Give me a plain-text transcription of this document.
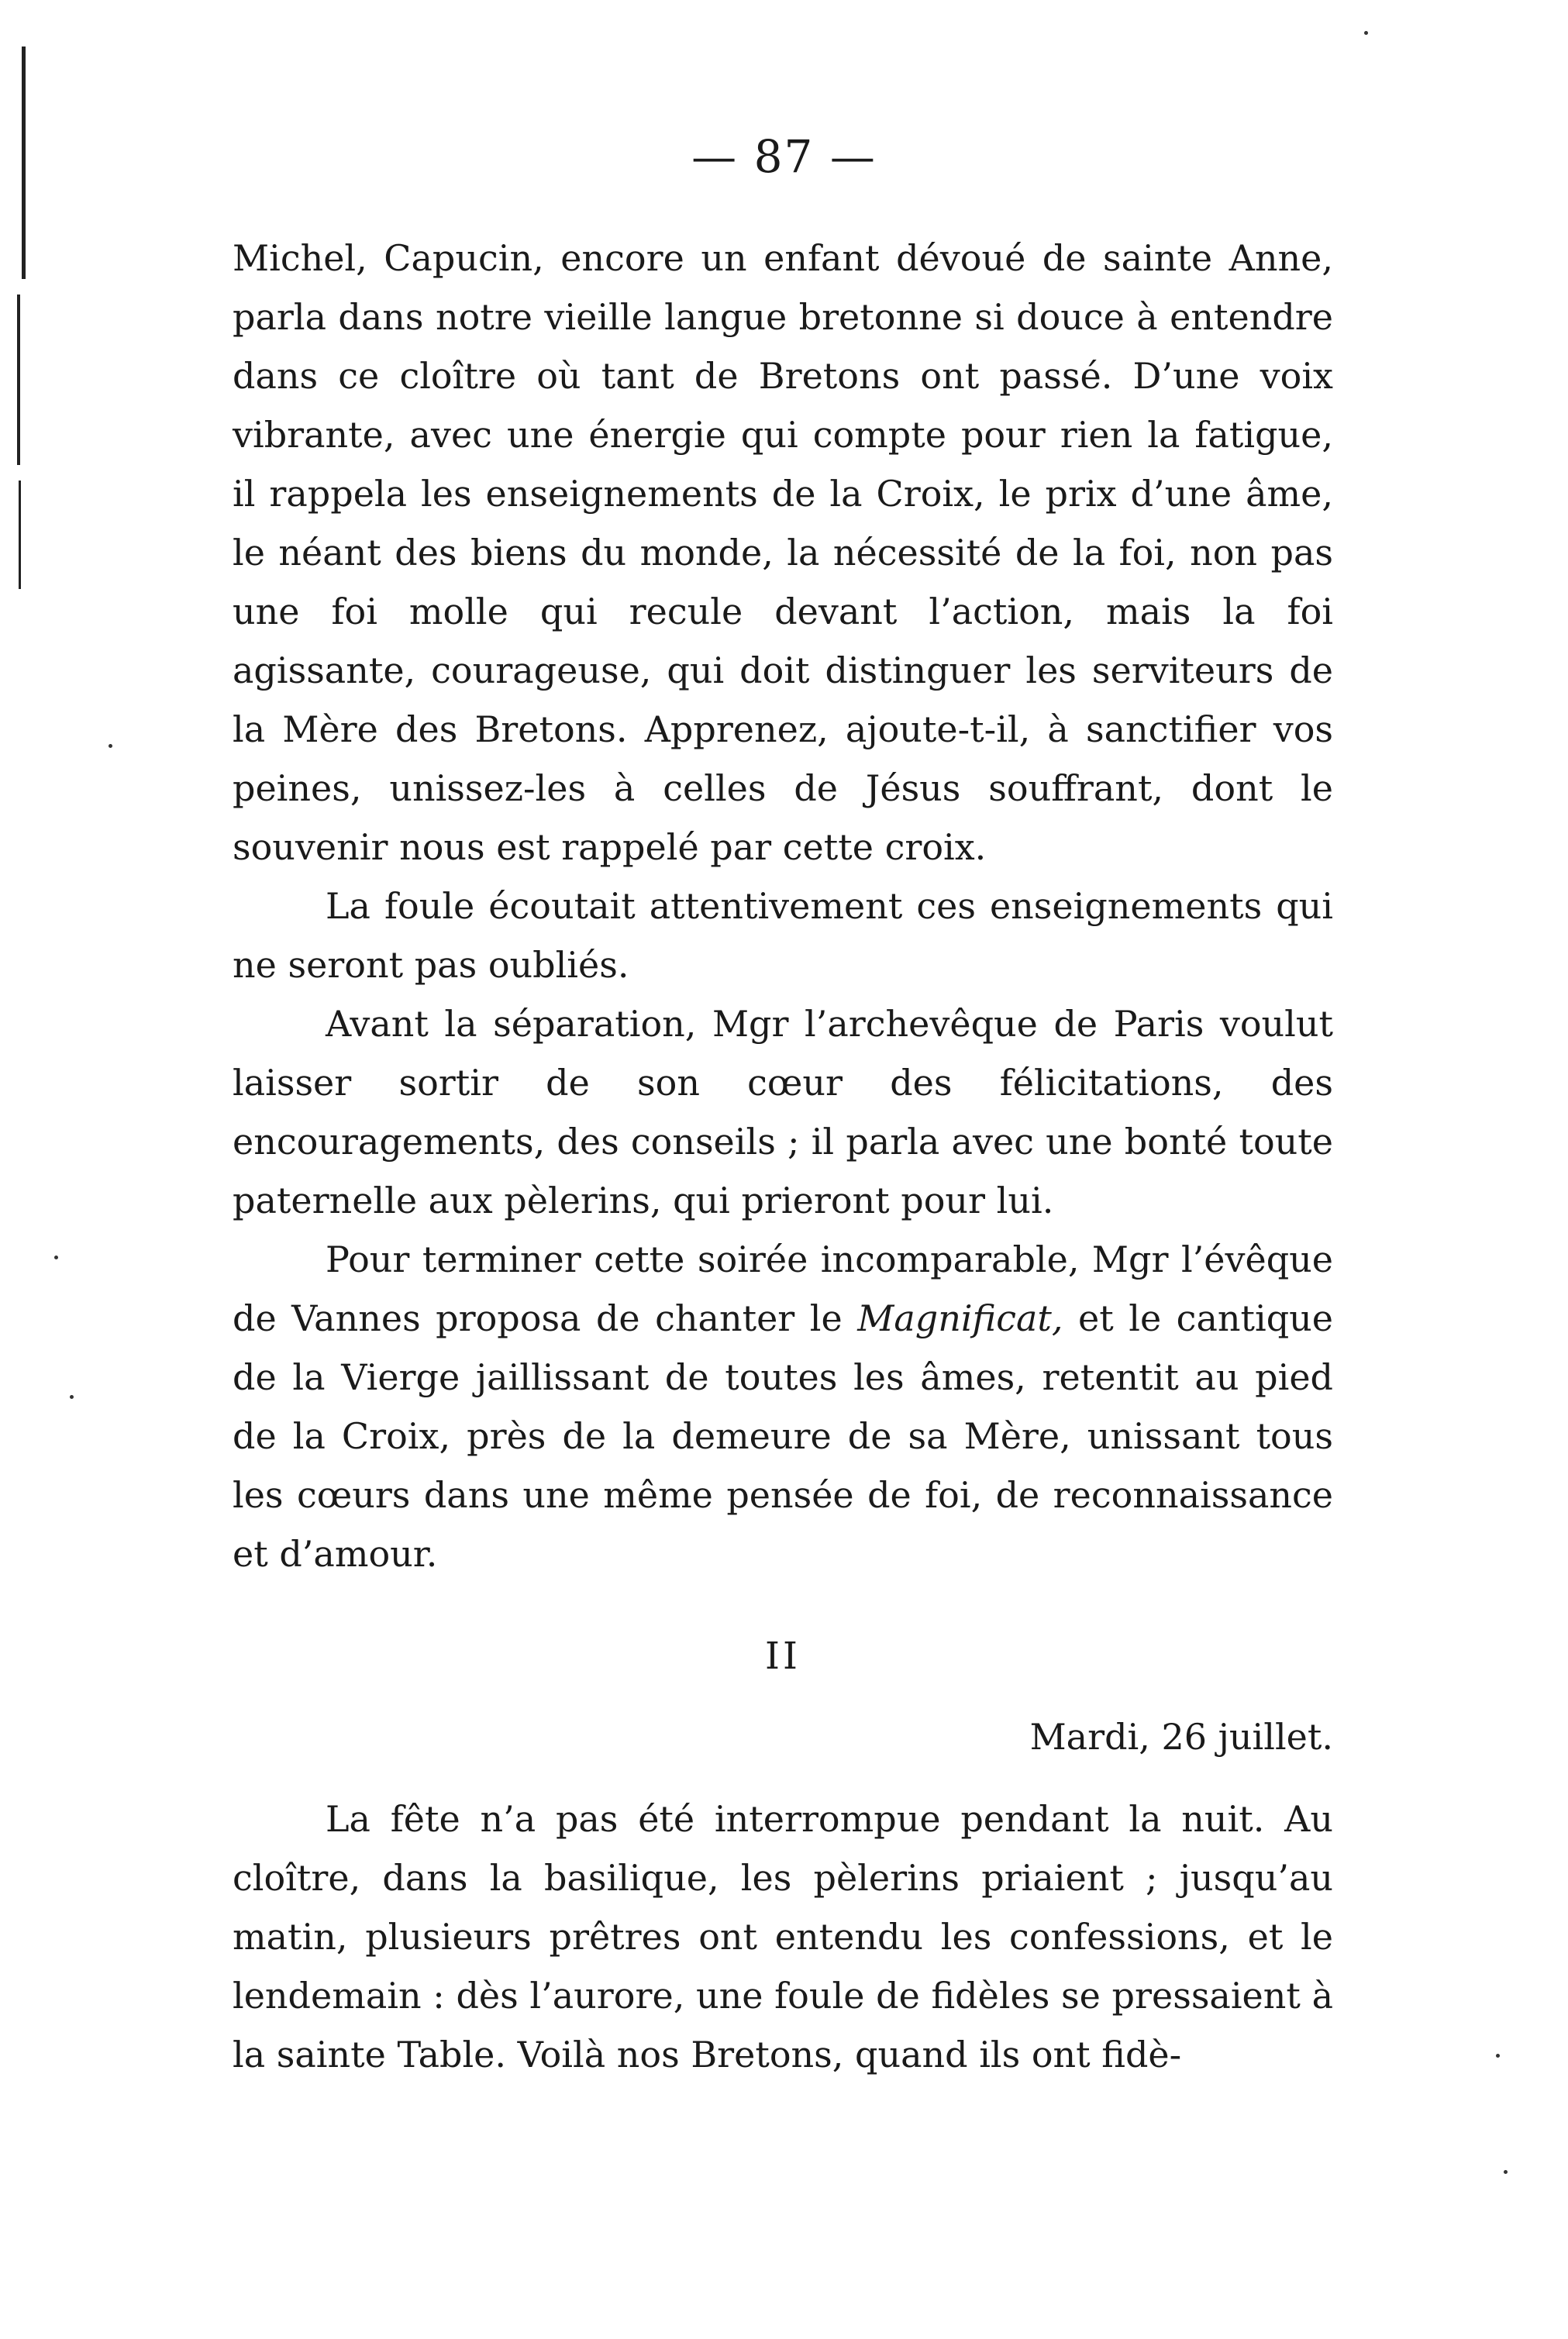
— 87 —

Michel, Capucin, encore un enfant dévoué de sainte Anne, parla dans notre vieille langue bretonne si douce à entendre dans ce cloître où tant de Bretons ont passé. D’une voix vibrante, avec une énergie qui compte pour rien la fatigue, il rappela les enseignements de la Croix, le prix d’une âme, le néant des biens du monde, la nécessité de la foi, non pas une foi molle qui recule devant l’action, mais la foi agissante, courageuse, qui doit distinguer les serviteurs de la Mère des Bretons. Apprenez, ajoute-t-il, à sanctifier vos peines, unissez-les à celles de Jésus souffrant, dont le souvenir nous est rappelé par cette croix.

La foule écoutait attentivement ces enseignements qui ne seront pas oubliés.

Avant la séparation, Mgr l’archevêque de Paris voulut laisser sortir de son cœur des félicitations, des encouragements, des conseils ; il parla avec une bonté toute paternelle aux pèlerins, qui prieront pour lui.

Pour terminer cette soirée incomparable, Mgr l’évêque de Vannes proposa de chanter le Magnificat, et le cantique de la Vierge jaillissant de toutes les âmes, retentit au pied de la Croix, près de la demeure de sa Mère, unissant tous les cœurs dans une même pensée de foi, de reconnaissance et d’amour.

II
Mardi, 26 juillet.

La fête n’a pas été interrompue pendant la nuit. Au cloître, dans la basilique, les pèlerins priaient ; jusqu’au matin, plusieurs prêtres ont entendu les confessions, et le lendemain : dès l’aurore, une foule de fidèles se pressaient à la sainte Table. Voilà nos Bretons, quand ils ont fidè-
